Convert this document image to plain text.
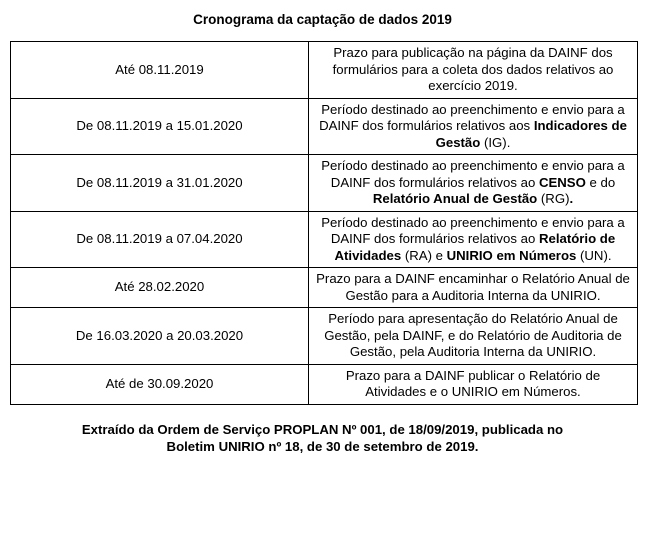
Cronograma da captação de dados 2019
Até 08.11.2019	Prazo para publicação na página da DAINF dos formulários para a coleta dos dados relativos ao exercício 2019.
De 08.11.2019 a 15.01.2020	Período destinado ao preenchimento e envio para a DAINF dos formulários relativos aos Indicadores de Gestão (IG).
De 08.11.2019 a 31.01.2020	Período destinado ao preenchimento e envio para a DAINF dos formulários relativos ao CENSO e do Relatório Anual de Gestão (RG).
De 08.11.2019 a 07.04.2020	Período destinado ao preenchimento e envio para a DAINF dos formulários relativos ao Relatório de Atividades (RA) e UNIRIO em Números (UN).
Até 28.02.2020	Prazo para a DAINF encaminhar o Relatório Anual de Gestão para a Auditoria Interna da UNIRIO.
De 16.03.2020 a 20.03.2020	Período para apresentação do Relatório Anual de Gestão, pela DAINF, e do Relatório de Auditoria de Gestão, pela Auditoria Interna da UNIRIO.
Até de 30.09.2020	Prazo para a DAINF publicar o Relatório de Atividades e o UNIRIO em Números.
Extraído da Ordem de Serviço PROPLAN Nº 001, de 18/09/2019, publicada no
Boletim UNIRIO nº 18, de 30 de setembro de 2019.
